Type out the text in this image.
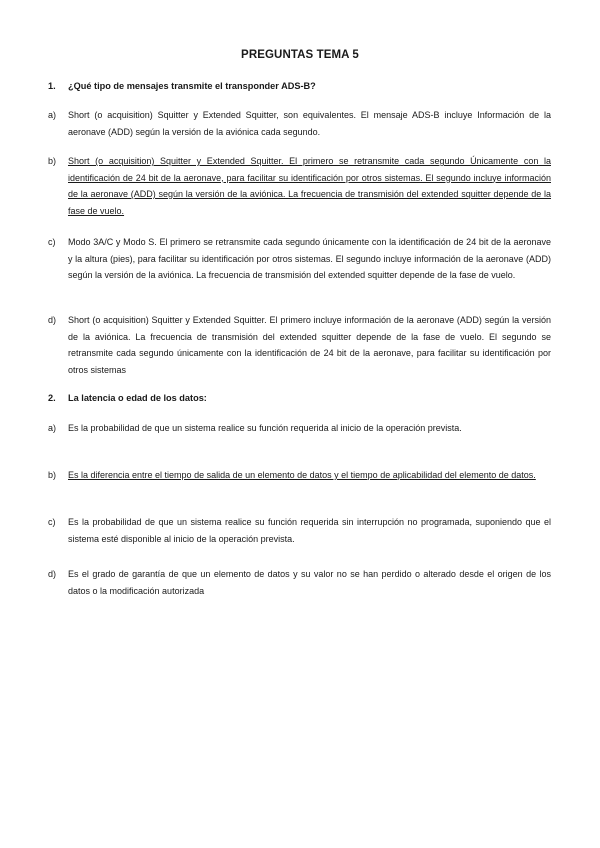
PREGUNTAS TEMA 5
1. ¿Qué tipo de mensajes transmite el transponder ADS-B?
a) Short (o acquisition) Squitter y Extended Squitter, son equivalentes. El mensaje ADS-B incluye Información de la aeronave (ADD) según la versión de la aviónica cada segundo.
b) Short (o acquisition) Squitter y Extended Squitter. El primero se retransmite cada segundo Únicamente con la identificación de 24 bit de la aeronave, para facilitar su identificación por otros sistemas. El segundo incluye información de la aeronave (ADD) según la versión de la aviónica. La frecuencia de transmisión del extended squitter depende de la fase de vuelo.
c) Modo 3A/C y Modo S. El primero se retransmite cada segundo únicamente con la identificación de 24 bit de la aeronave y la altura (pies), para facilitar su identificación por otros sistemas. El segundo incluye información de la aeronave (ADD) según la versión de la aviónica. La frecuencia de transmisión del extended squitter depende de la fase de vuelo.
d) Short (o acquisition) Squitter y Extended Squitter. El primero incluye información de la aeronave (ADD) según la versión de la aviónica. La frecuencia de transmisión del extended squitter depende de la fase de vuelo. El segundo se retransmite cada segundo únicamente con la identificación de 24 bit de la aeronave, para facilitar su identificación por otros sistemas
2. La latencia o edad de los datos:
a) Es la probabilidad de que un sistema realice su función requerida al inicio de la operación prevista.
b) Es la diferencia entre el tiempo de salida de un elemento de datos y el tiempo de aplicabilidad del elemento de datos.
c) Es la probabilidad de que un sistema realice su función requerida sin interrupción no programada, suponiendo que el sistema esté disponible al inicio de la operación prevista.
d) Es el grado de garantía de que un elemento de datos y su valor no se han perdido o alterado desde el origen de los datos o la modificación autorizada
